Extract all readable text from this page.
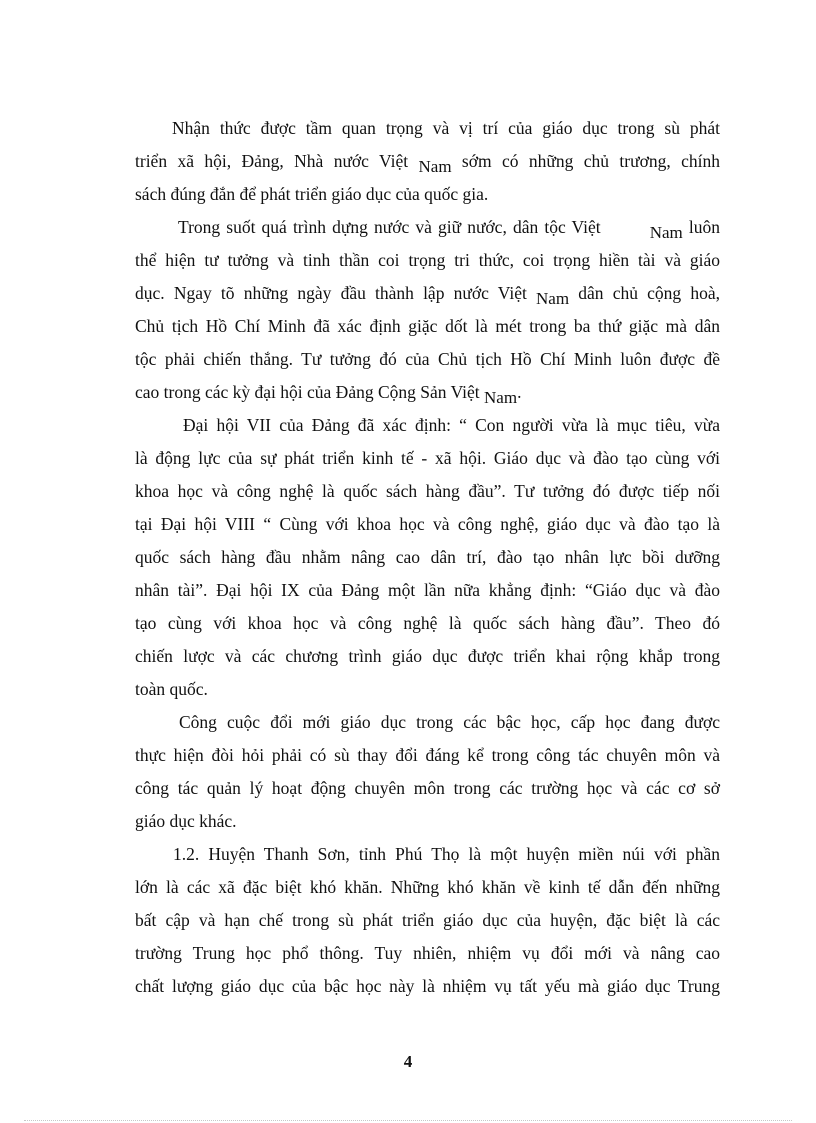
Nhận thức được tầm quan trọng và vị trí của giáo dục trong sù phát
triển xã hội, Đảng, Nhà nước Việt Nam sớm có những chủ trương, chính
sách đúng đắn để phát triển giáo dục của quốc gia.

Trong suốt quá trình dựng nước và giữ nước, dân tộc Việt	Nam luôn
thể hiện tư tưởng và tinh thần coi trọng tri thức, coi trọng hiền tài và giáo
dục. Ngay tõ những ngày đầu thành lập nước Việt Nam dân chủ cộng hoà,
Chủ tịch Hồ Chí Minh đã xác định giặc dốt là mét trong ba thứ giặc mà dân
tộc phải chiến thắng. Tư tưởng đó của Chủ tịch Hồ Chí Minh luôn được đề
cao trong các kỳ đại hội của Đảng Cộng Sản Việt Nam.

Đại hội VII của Đảng đã xác định: “ Con người vừa là mục tiêu, vừa
là động lực của sự phát triển kinh tế - xã hội. Giáo dục và đào tạo cùng với
khoa học và công nghệ là quốc sách hàng đầu”. Tư tưởng đó được tiếp nối
tại Đại hội VIII “ Cùng với khoa học và công nghệ, giáo dục và đào tạo là
quốc sách hàng đầu nhằm nâng cao dân trí, đào tạo nhân lực bồi dưỡng
nhân tài”. Đại hội IX của Đảng một lần nữa khẳng định: “Giáo dục và đào
tạo cùng với khoa học và công nghệ là quốc sách hàng đầu”. Theo đó
chiến lược và các chương trình giáo dục được triển khai rộng khắp trong
toàn quốc.

Công cuộc đổi mới giáo dục trong các bậc học, cấp học đang được
thực hiện đòi hỏi phải có sù thay đổi đáng kể trong công tác chuyên môn và
công tác quản lý hoạt động chuyên môn trong các trường học và các cơ sở
giáo dục khác.

1.2. Huyện Thanh Sơn, tỉnh Phú Thọ là một huyện miền núi với phần
lớn là các xã đặc biệt khó khăn. Những khó khăn về kinh tế dẫn đến những
bất cập và hạn chế trong sù phát triển giáo dục của huyện, đặc biệt là các
trường Trung học phổ thông. Tuy nhiên, nhiệm vụ đổi mới và nâng cao
chất lượng giáo dục của bậc học này là nhiệm vụ tất yếu mà giáo dục Trung

4
